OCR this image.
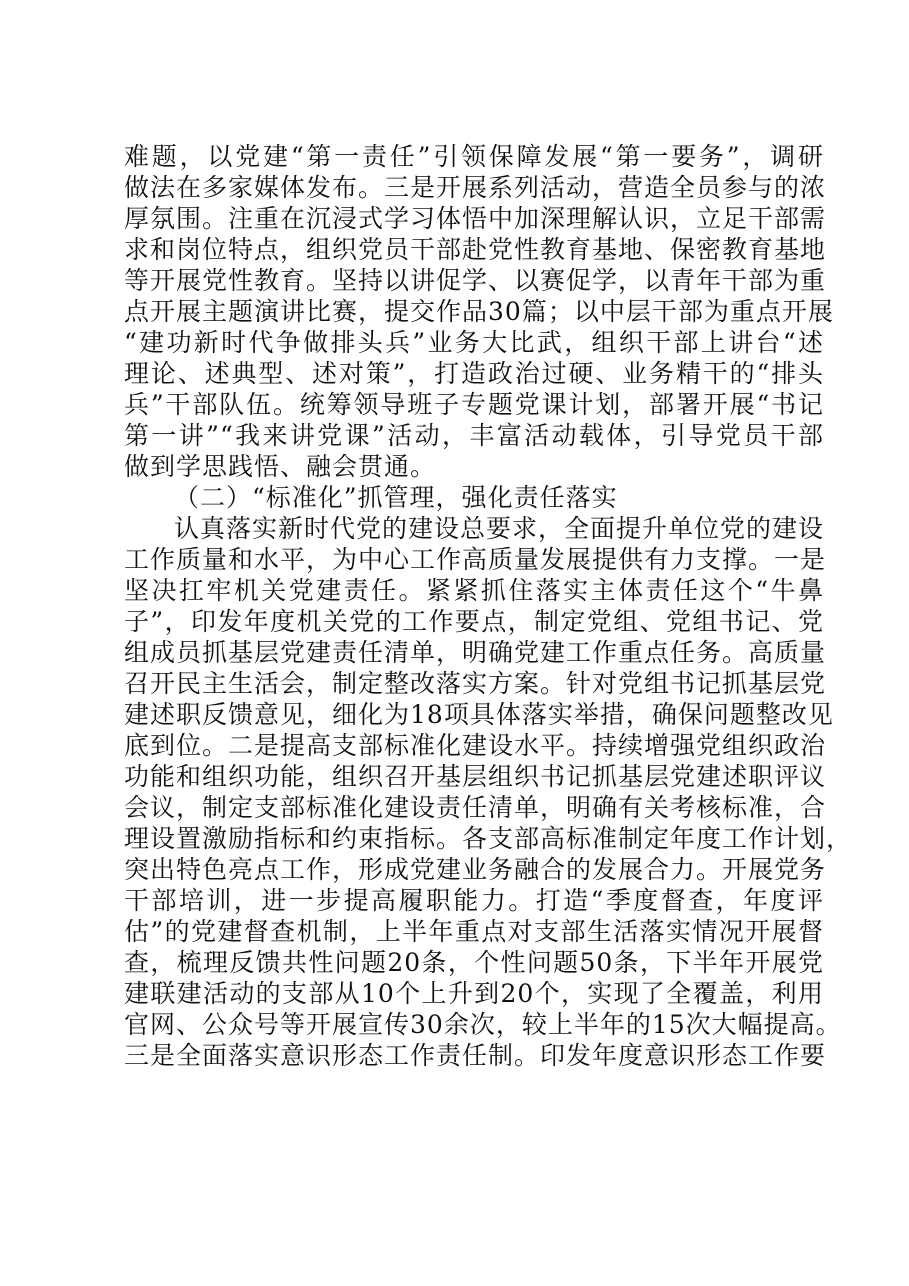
难题，以党建“第一责任”引领保障发展“第一要务”，调研
做法在多家媒体发布。三是开展系列活动，营造全员参与的浓
厚氛围。注重在沉浸式学习体悟中加深理解认识，立足干部需
求和岗位特点，组织党员干部赴党性教育基地、保密教育基地
等开展党性教育。坚持以讲促学、以赛促学，以青年干部为重
点开展主题演讲比赛，提交作品30篇；以中层干部为重点开展
“建功新时代争做排头兵”业务大比武，组织干部上讲台“述
理论、述典型、述对策”，打造政治过硬、业务精干的“排头
兵”干部队伍。统筹领导班子专题党课计划，部署开展“书记
第一讲”“我来讲党课”活动，丰富活动载体，引导党员干部
做到学思践悟、融会贯通。
（二）“标准化”抓管理，强化责任落实
认真落实新时代党的建设总要求，全面提升单位党的建设
工作质量和水平，为中心工作高质量发展提供有力支撑。一是
坚决扛牢机关党建责任。紧紧抓住落实主体责任这个“牛鼻
子”，印发年度机关党的工作要点，制定党组、党组书记、党
组成员抓基层党建责任清单，明确党建工作重点任务。高质量
召开民主生活会，制定整改落实方案。针对党组书记抓基层党
建述职反馈意见，细化为18项具体落实举措，确保问题整改见
底到位。二是提高支部标准化建设水平。持续增强党组织政治
功能和组织功能，组织召开基层组织书记抓基层党建述职评议
会议，制定支部标准化建设责任清单，明确有关考核标准，合
理设置激励指标和约束指标。各支部高标准制定年度工作计划，
突出特色亮点工作，形成党建业务融合的发展合力。开展党务
干部培训，进一步提高履职能力。打造“季度督查，年度评
估”的党建督查机制，上半年重点对支部生活落实情况开展督
查，梳理反馈共性问题20条，个性问题50条，下半年开展党
建联建活动的支部从10个上升到20个，实现了全覆盖，利用
官网、公众号等开展宣传30余次，较上半年的15次大幅提高。
三是全面落实意识形态工作责任制。印发年度意识形态工作要
